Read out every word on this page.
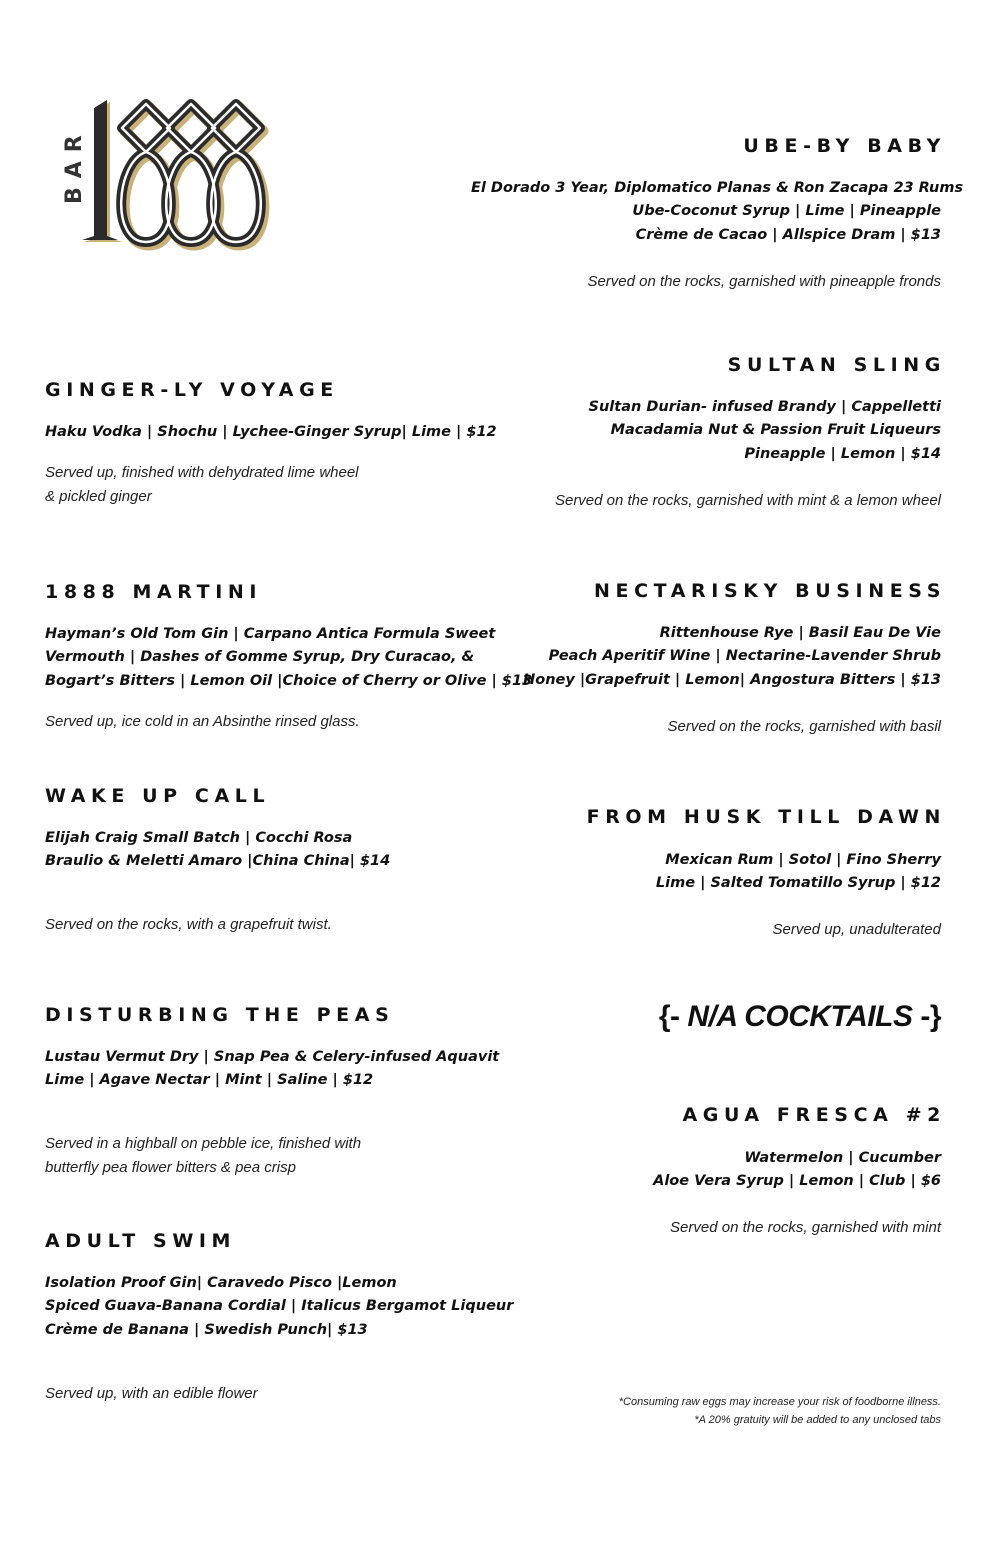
BAR	UBE-BY BABY
El Dorado 3 Year, Diplomatico Planas & Ron Zacapa 23 Rums
Ube-Coconut Syrup | Lime | Pineapple
Crème de Cacao | Allspice Dram | $13
Served on the rocks, garnished with pineapple fronds
SULTAN SLING
Sultan Durian- infused Brandy | Cappelletti
Macadamia Nut & Passion Fruit Liqueurs
Pineapple | Lemon | $14
Served on the rocks, garnished with mint & a lemon wheel
NECTARISKY BUSINESS
Rittenhouse Rye | Basil Eau De Vie
Peach Aperitif Wine | Nectarine-Lavender Shrub
Honey |Grapefruit | Lemon| Angostura Bitters | $13
Served on the rocks, garnished with basil
FROM HUSK TILL DAWN
Mexican Rum | Sotol | Fino Sherry
Lime | Salted Tomatillo Syrup | $12
Served up, unadulterated
{- N/A COCKTAILS -}
AGUA FRESCA #2
Watermelon | Cucumber
Aloe Vera Syrup | Lemon | Club | $6
Served on the rocks, garnished with mint
GINGER-LY VOYAGE
Haku Vodka | Shochu | Lychee-Ginger Syrup| Lime | $12
Served up, finished with dehydrated lime wheel
& pickled ginger
1888 MARTINI
Hayman’s Old Tom Gin | Carpano Antica Formula Sweet
Vermouth | Dashes of Gomme Syrup, Dry Curacao, &
Bogart’s Bitters | Lemon Oil |Choice of Cherry or Olive | $13
Served up, ice cold in an Absinthe rinsed glass.
WAKE UP CALL
Elijah Craig Small Batch | Cocchi Rosa
Braulio & Meletti Amaro |China China| $14
Served on the rocks, with a grapefruit twist.
DISTURBING THE PEAS
Lustau Vermut Dry | Snap Pea & Celery-infused Aquavit
Lime | Agave Nectar | Mint | Saline | $12
Served in a highball on pebble ice, finished with
butterfly pea flower bitters & pea crisp
ADULT SWIM
Isolation Proof Gin| Caravedo Pisco |Lemon
Spiced Guava-Banana Cordial | Italicus Bergamot Liqueur
Crème de Banana | Swedish Punch| $13
Served up, with an edible flower	*Consuming raw eggs may increase your risk of foodborne illness.
*A 20% gratuity will be added to any unclosed tabs
